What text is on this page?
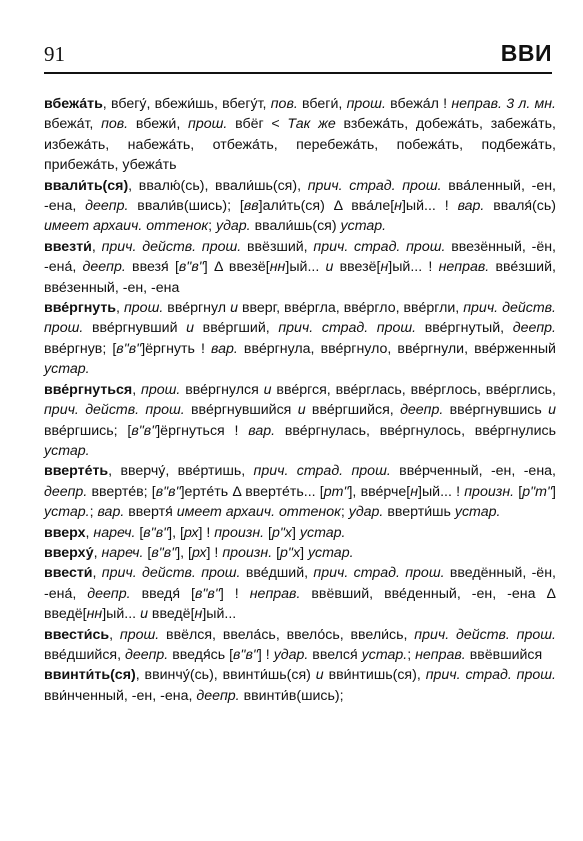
91	ВВИ

вбежа́ть, вбегу́, вбежи́шь, вбегу́т, пов. вбеги́, прош. вбежа́л ! неправ. 3 л. мн. вбежа́т, пов. вбежи́, прош. вбёг < Так же взбежа́ть, добежа́ть, забежа́ть, избежа́ть, набежа́ть, отбежа́ть, перебежа́ть, побежа́ть, подбежа́ть, прибежа́ть, убежа́ть

ввали́ть(ся), ввалю́(сь), ввали́шь(ся), прич. страд. прош. вва́ленный, -ен, -ена, деепр. ввали́в(шись); [вв]али́ть(ся) Δ вва́ле[н]ый... ! вар. вваля́(сь) имеет архаич. оттенок; удар. ввали́шь(ся) устар.

ввезти́, прич. действ. прош. ввёзший, прич. страд. прош. ввезённый, -ён, -ена́, деепр. ввезя́ [вʺвʺ] Δ ввезё[нн]ый... и ввезё[н]ый... ! неправ. вве́зший, вве́зенный, -ен, -ена

вве́ргнуть, прош. вве́ргнул и вверг, вве́ргла, вве́ргло, вве́ргли, прич. действ. прош. вве́ргнувший и вве́ргший, прич. страд. прош. вве́ргнутый, деепр. вве́ргнув; [вʺвʺ]ёргнуть ! вар. вве́ргнула, вве́ргнуло, вве́ргнули, вве́рженный устар.

вве́ргнуться, прош. вве́ргнулся и вве́ргся, вве́рглась, вве́рглось, вве́рглись, прич. действ. прош. вве́ргнувшийся и вве́ргшийся, деепр. вве́ргнувшись и вве́ргшись; [вʺвʺ]ёргнуться ! вар. вве́ргнулась, вве́ргнулось, вве́ргнулись устар.

вверте́ть, вверчу́, вве́ртишь, прич. страд. прош. вве́рченный, -ен, -ена, деепр. вверте́в; [вʺвʺ]ерте́ть Δ вверте́ть... [ртʺ], вве́рче[н]ый... ! произн. [рʺтʺ] устар.; вар. ввертя́ имеет архаич. оттенок; удар. вверти́шь устар.

вверх, нареч. [вʺвʺ], [рх] ! произн. [рʺх] устар.

вверху́, нареч. [вʺвʺ], [рх] ! произн. [рʺх] устар.

ввести́, прич. действ. прош. вве́дший, прич. страд. прош. введённый, -ён, -ена́, деепр. введя́ [вʺвʺ] ! неправ. ввёвший, вве́денный, -ен, -ена Δ введё[нн]ый... и введё[н]ый...

ввести́сь, прош. ввёлся, ввела́сь, ввело́сь, ввели́сь, прич. действ. прош. вве́дшийся, деепр. введя́сь [вʺвʺ] ! удар. ввелся́ устар.; неправ. ввёвшийся

ввинти́ть(ся), ввинчу́(сь), ввинти́шь(ся) и вви́нтишь(ся), прич. страд. прош. вви́нченный, -ен, -ена, деепр. ввинти́в(шись);
